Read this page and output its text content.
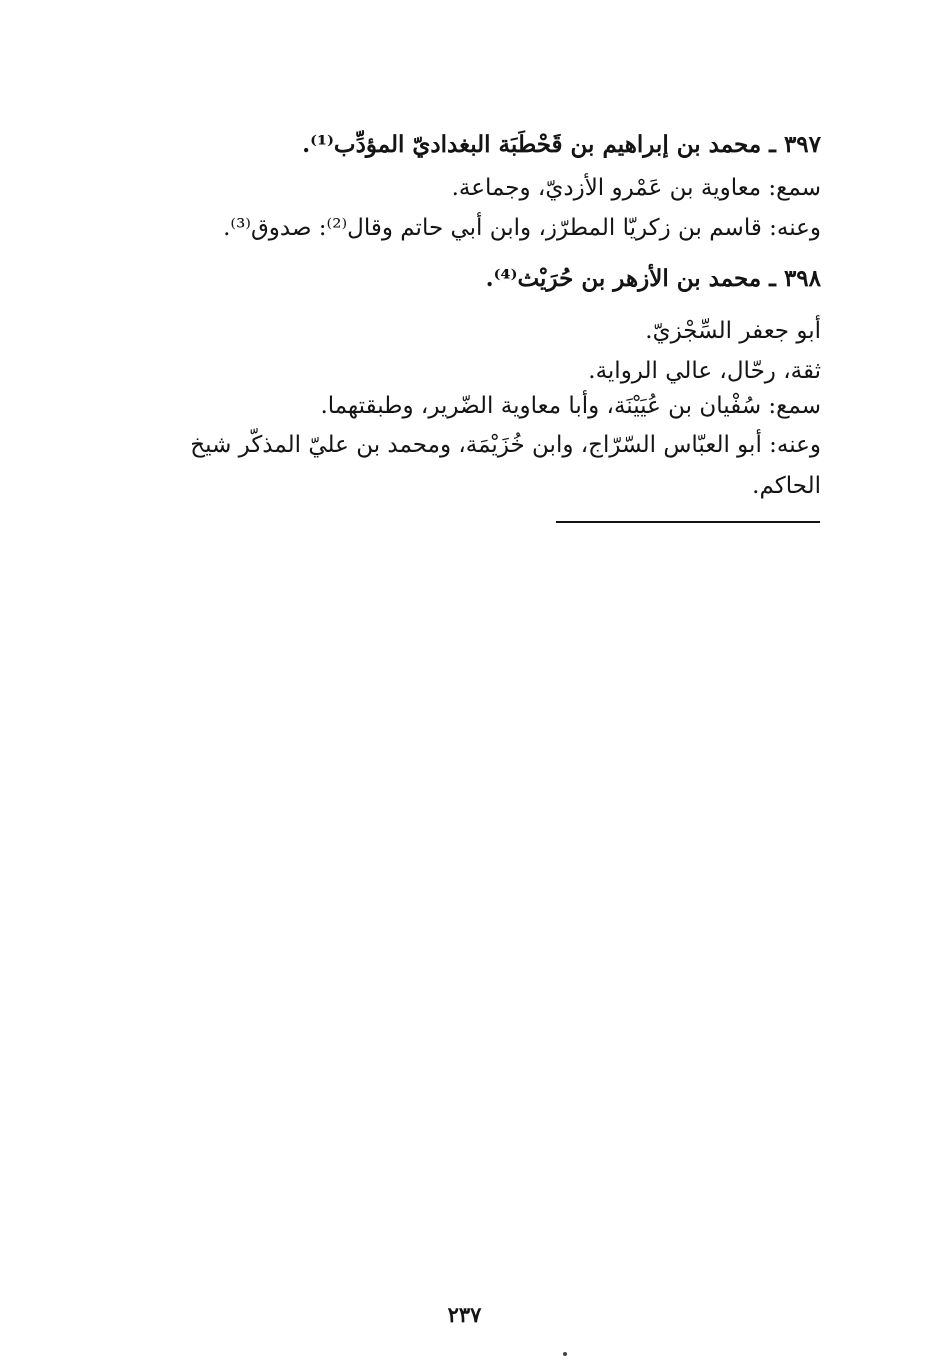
٣٩٧ ـ محمد بن إبراهيم بن قَحْطَبَة البغداديّ المؤدِّب⁽¹⁾.
سمع: معاوية بن عَمْرو الأزديّ، وجماعة.
وعنه: قاسم بن زكريّا المطرّز، وابن أبي حاتم وقال⁽²⁾: صدوق⁽³⁾.
٣٩٨ ـ محمد بن الأزهر بن حُرَيْث⁽⁴⁾.
أبو جعفر السِّجْزيّ.
ثقة، رحّال، عالي الرواية.
سمع: سُفْيان بن عُيَيْنَة، وأبا معاوية الضّرير، وطبقتهما.
وعنه: أبو العبّاس السّرّاج، وابن خُزَيْمَة، ومحمد بن عليّ المذكّر شيخ
الحاكم.
٢٣٧
